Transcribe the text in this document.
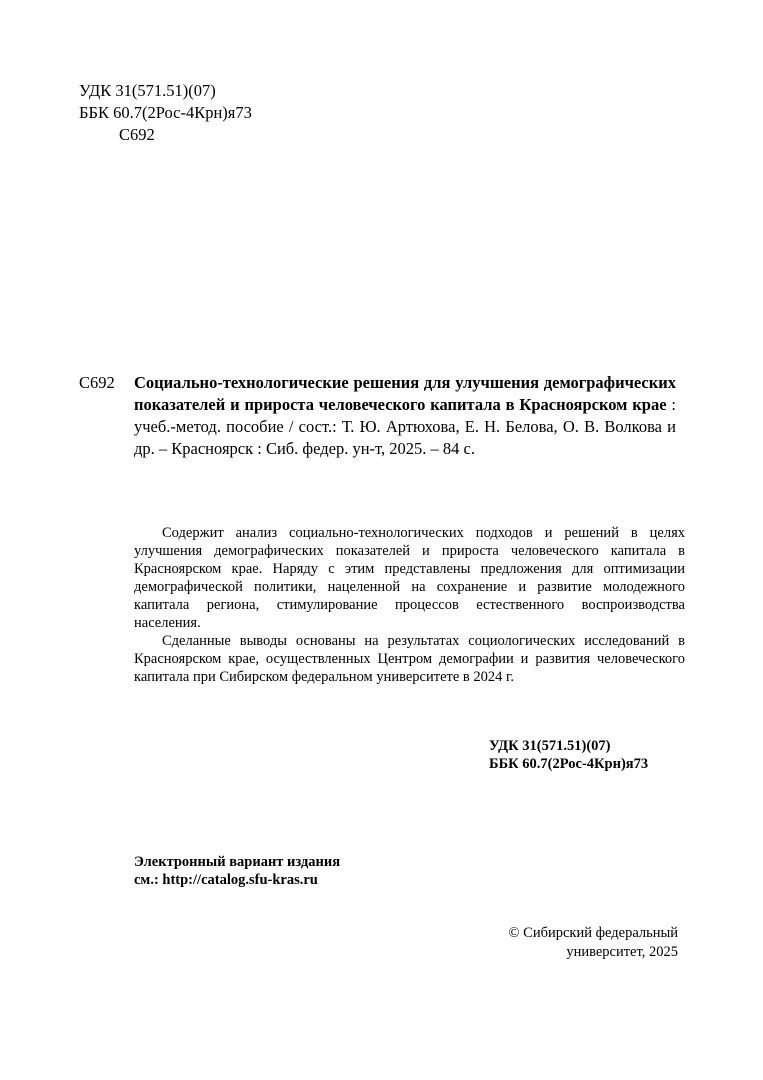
УДК 31(571.51)(07)
ББК 60.7(2Рос-4Крн)я73
С692
С692 Социально-технологические решения для улучшения демографических показателей и прироста человеческого капитала в Красноярском крае : учеб.-метод. пособие / сост.: Т. Ю. Артюхова, Е. Н. Белова, О. В. Волкова и др. – Красноярск : Сиб. федер. ун-т, 2025. – 84 с.

Содержит анализ социально-технологических подходов и решений в целях улучшения демографических показателей и прироста человеческого капитала в Красноярском крае. Наряду с этим представлены предложения для оптимизации демографической политики, нацеленной на сохранение и развитие молодежного капитала региона, стимулирование процессов естественного воспроизводства населения.

Сделанные выводы основаны на результатах социологических исследований в Красноярском крае, осуществленных Центром демографии и развития человеческого капитала при Сибирском федеральном университете в 2024 г.

УДК 31(571.51)(07)
ББК 60.7(2Рос-4Крн)я73
Электронный вариант издания
см.: http://catalog.sfu-kras.ru
© Сибирский федеральный
университет, 2025
